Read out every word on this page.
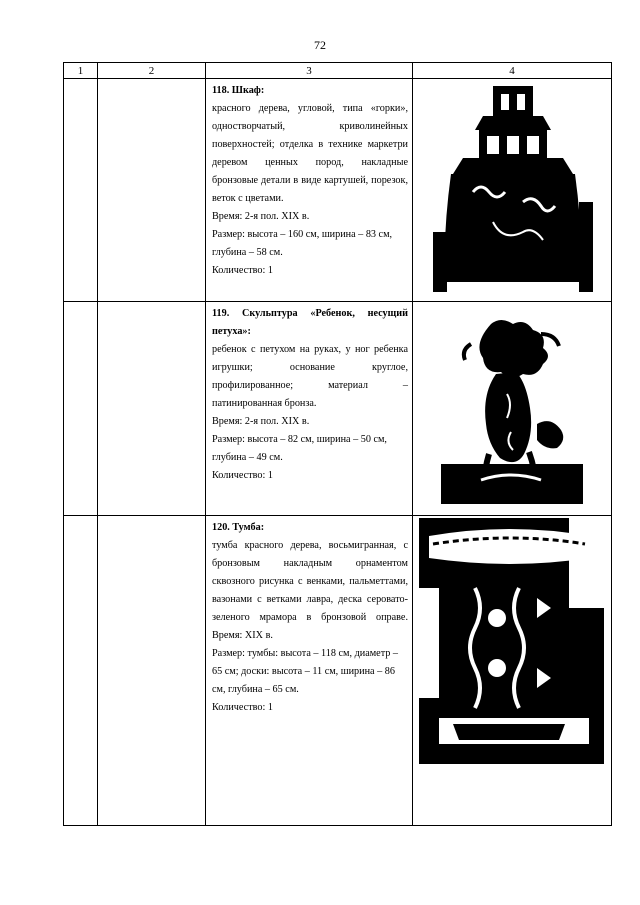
72
1	2	3	4

		118. Шкаф:

красного дерева, угловой, типа «горки», одностворчатый, криволинейных поверхностей; отделка в технике маркетри деревом ценных пород, накладные бронзовые детали в виде картушей, порезок, веток с цветами.

Время: 2-я пол. XIX в.

Размер: высота – 160 см, ширина – 83 см, глубина – 58 см.

Количество: 1

		119. Скульптура «Ребенок, несущий петуха»:

ребенок с петухом на руках, у ног ребенка игрушки; основание круглое, профилированное; материал – патинированная бронза.

Время: 2-я пол. XIX в.

Размер: высота – 82 см, ширина – 50 см, глубина – 49 см.

Количество: 1

		120. Тумба:

тумба красного дерева, восьмигранная, с бронзовым накладным орнаментом сквозного рисунка с венками, пальметтами, вазонами с ветками лавра, деска серовато-зеленого мрамора в бронзовой оправе. Время: XIX в.

Размер: тумбы: высота – 118 см, диаметр – 65 см; доски: высота – 11 см, ширина – 86 см, глубина – 65 см.

Количество: 1
